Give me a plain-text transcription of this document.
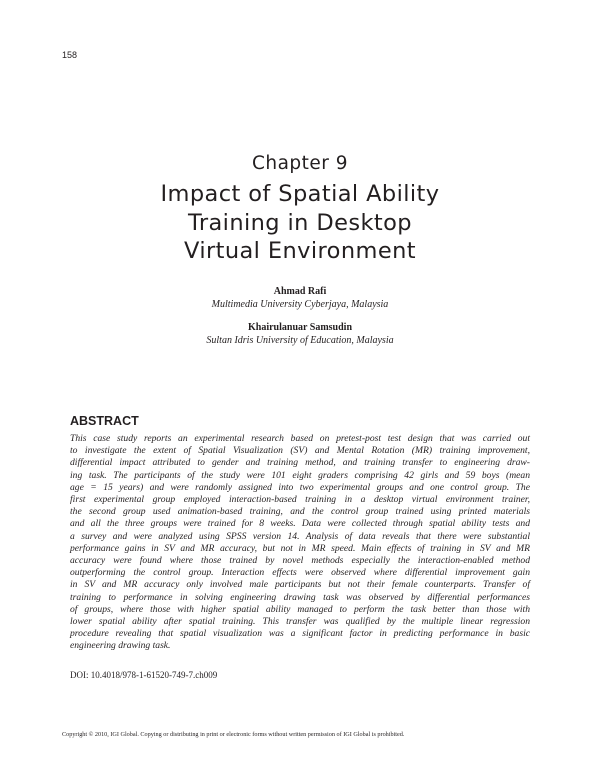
158
Chapter 9
Impact of Spatial Ability
Training in Desktop
Virtual Environment
Ahmad Rafi
Multimedia University Cyberjaya, Malaysia
Khairulanuar Samsudin
Sultan Idris University of Education, Malaysia
ABSTRACT

This case study reports an experimental research based on pretest-post test design that was carried out
to investigate the extent of Spatial Visualization (SV) and Mental Rotation (MR) training improvement,
differential impact attributed to gender and training method, and training transfer to engineering draw-
ing task. The participants of the study were 101 eight graders comprising 42 girls and 59 boys (mean
age = 15 years) and were randomly assigned into two experimental groups and one control group. The
first experimental group employed interaction-based training in a desktop virtual environment trainer,
the second group used animation-based training, and the control group trained using printed materials
and all the three groups were trained for 8 weeks. Data were collected through spatial ability tests and
a survey and were analyzed using SPSS version 14. Analysis of data reveals that there were substantial
performance gains in SV and MR accuracy, but not in MR speed. Main effects of training in SV and MR
accuracy were found where those trained by novel methods especially the interaction-enabled method
outperforming the control group. Interaction effects were observed where differential improvement gain
in SV and MR accuracy only involved male participants but not their female counterparts. Transfer of
training to performance in solving engineering drawing task was observed by differential performances
of groups, where those with higher spatial ability managed to perform the task better than those with
lower spatial ability after spatial training. This transfer was qualified by the multiple linear regression
procedure revealing that spatial visualization was a significant factor in predicting performance in basic
engineering drawing task.

DOI: 10.4018/978-1-61520-749-7.ch009
Copyright © 2010, IGI Global. Copying or distributing in print or electronic forms without written permission of IGI Global is prohibited.
